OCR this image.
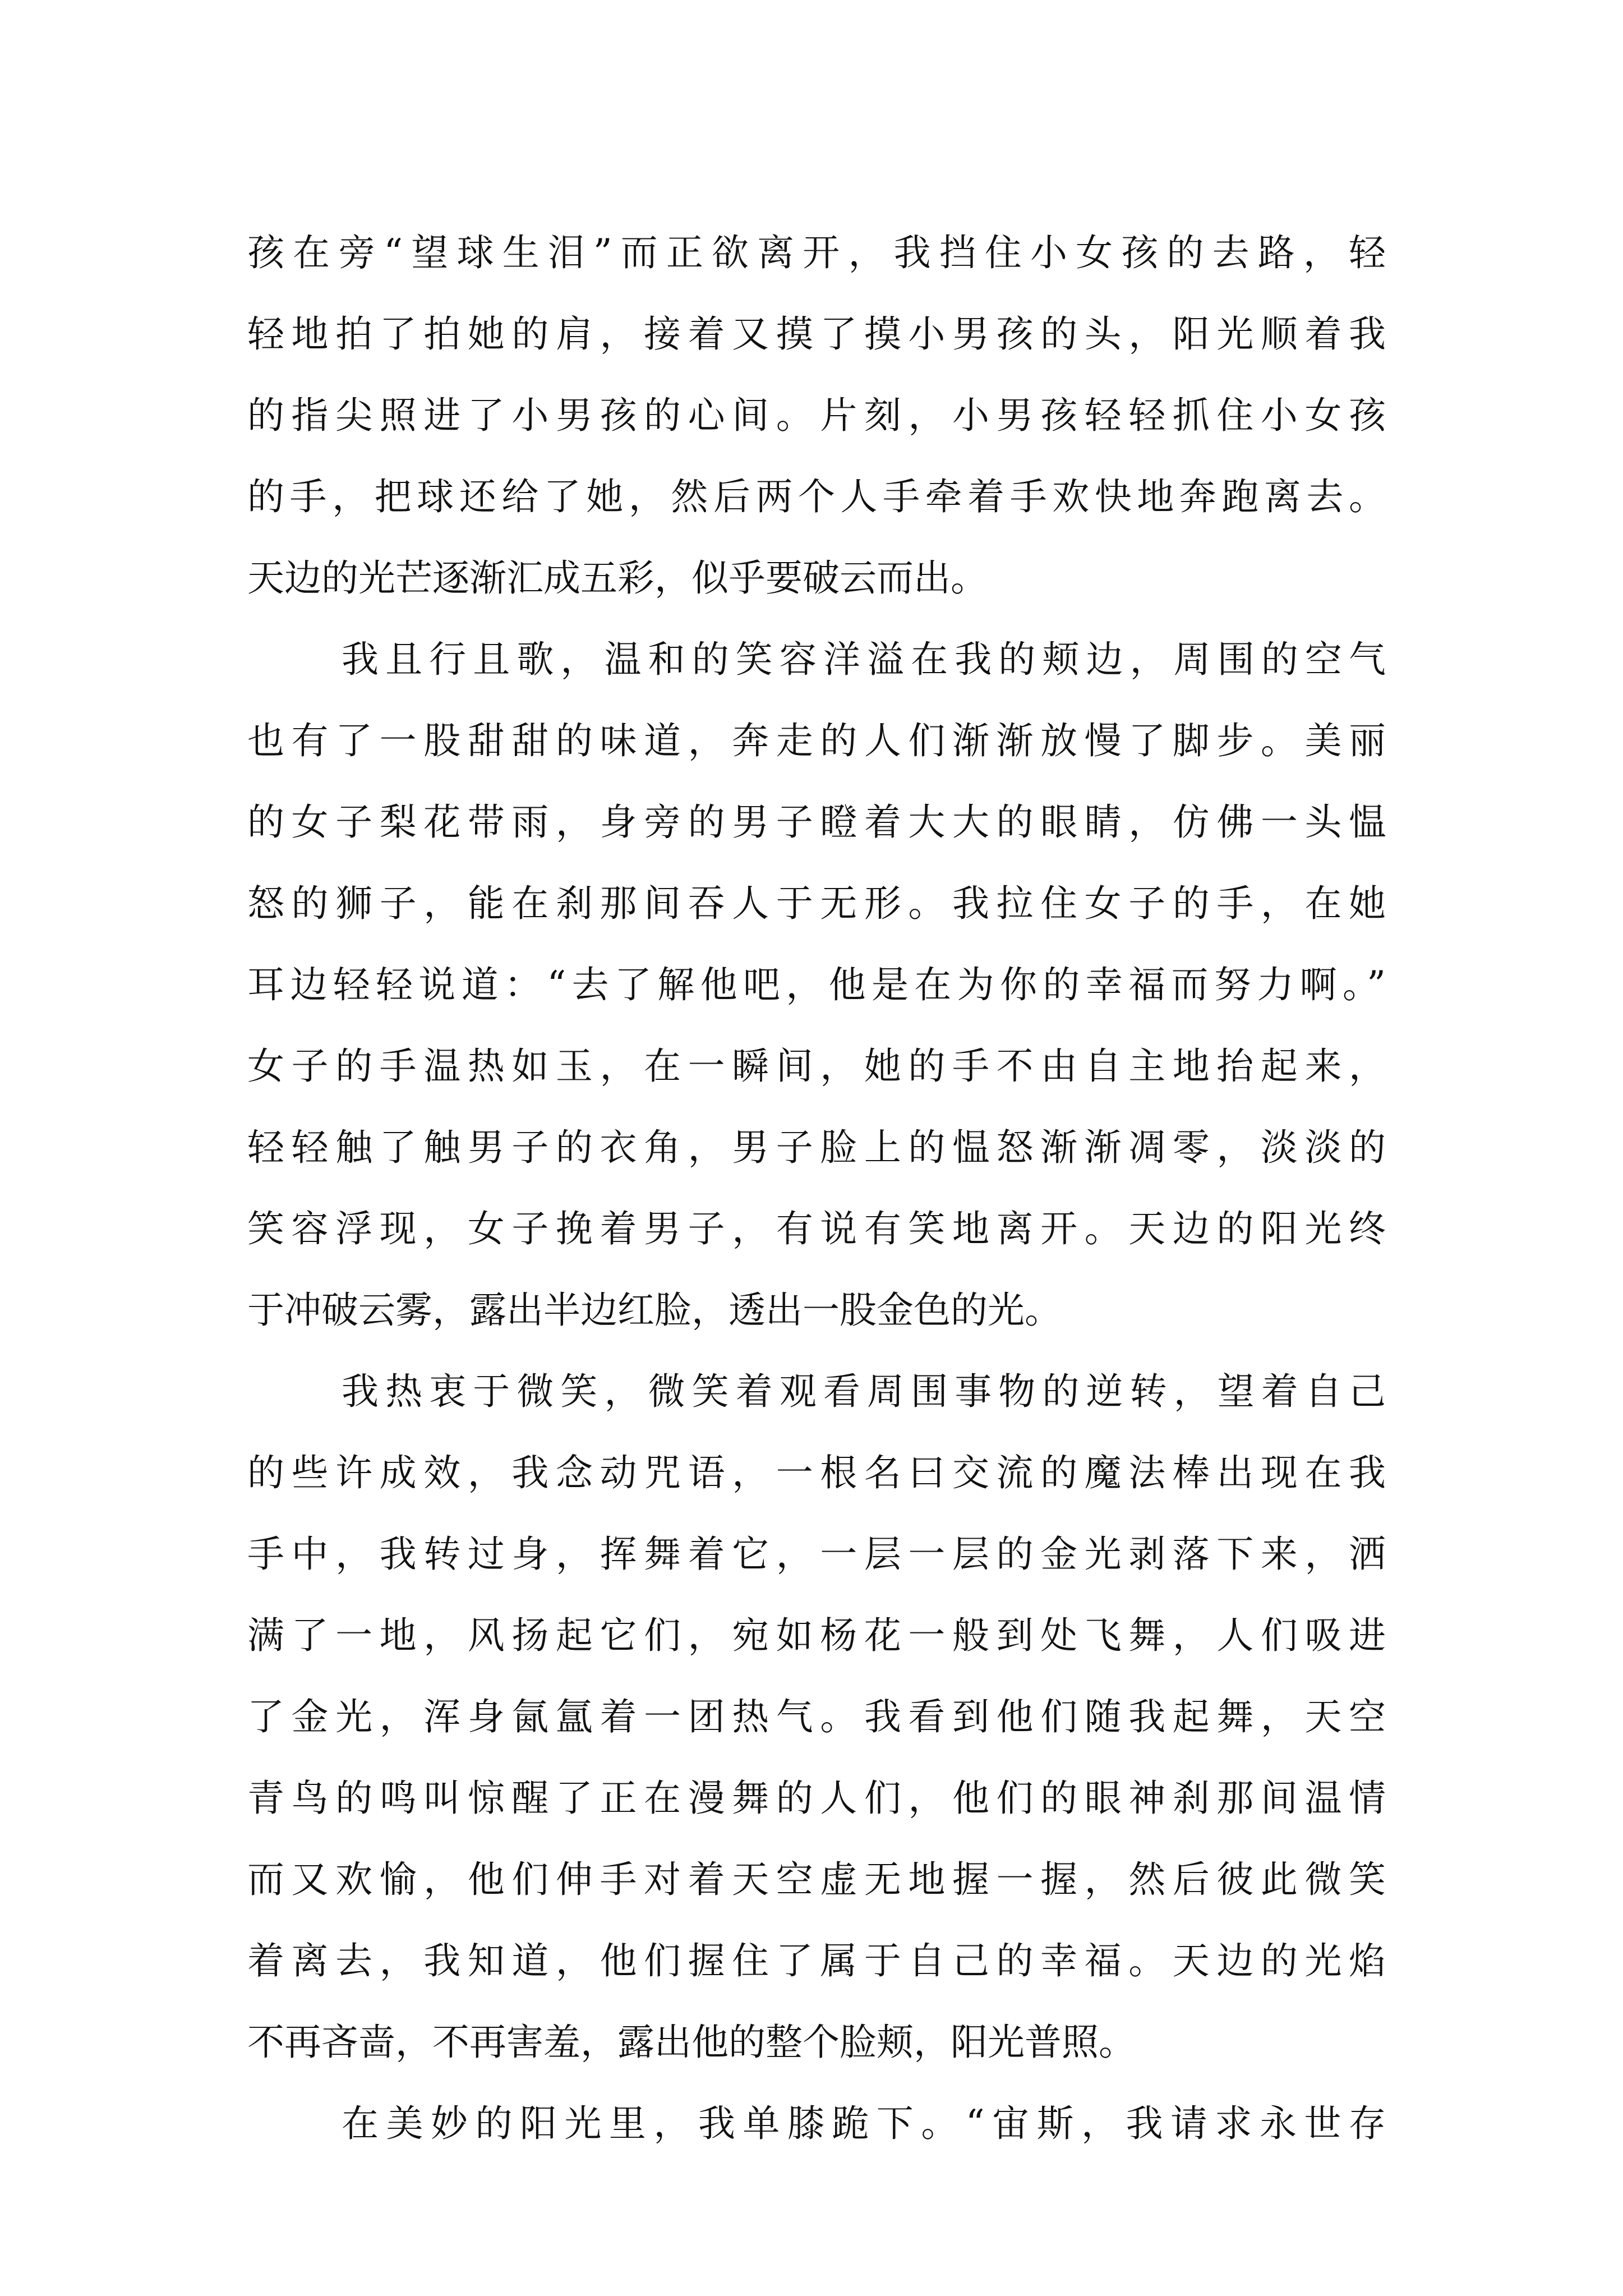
孩在旁“望球生泪”而正欲离开，我挡住小女孩的去路，轻
轻地拍了拍她的肩，接着又摸了摸小男孩的头，阳光顺着我
的指尖照进了小男孩的心间。片刻，小男孩轻轻抓住小女孩
的手，把球还给了她，然后两个人手牵着手欢快地奔跑离去。
天边的光芒逐渐汇成五彩，似乎要破云而出。
我且行且歌，温和的笑容洋溢在我的颊边，周围的空气
也有了一股甜甜的味道，奔走的人们渐渐放慢了脚步。美丽
的女子梨花带雨，身旁的男子瞪着大大的眼睛，仿佛一头愠
怒的狮子，能在刹那间吞人于无形。我拉住女子的手，在她
耳边轻轻说道：“去了解他吧，他是在为你的幸福而努力啊。”
女子的手温热如玉，在一瞬间，她的手不由自主地抬起来，
轻轻触了触男子的衣角，男子脸上的愠怒渐渐凋零，淡淡的
笑容浮现，女子挽着男子，有说有笑地离开。天边的阳光终
于冲破云雾，露出半边红脸，透出一股金色的光。
我热衷于微笑，微笑着观看周围事物的逆转，望着自己
的些许成效，我念动咒语，一根名曰交流的魔法棒出现在我
手中，我转过身，挥舞着它，一层一层的金光剥落下来，洒
满了一地，风扬起它们，宛如杨花一般到处飞舞，人们吸进
了金光，浑身氤氲着一团热气。我看到他们随我起舞，天空
青鸟的鸣叫惊醒了正在漫舞的人们，他们的眼神刹那间温情
而又欢愉，他们伸手对着天空虚无地握一握，然后彼此微笑
着离去，我知道，他们握住了属于自己的幸福。天边的光焰
不再吝啬，不再害羞，露出他的整个脸颊，阳光普照。
在美妙的阳光里，我单膝跪下。“宙斯，我请求永世存
